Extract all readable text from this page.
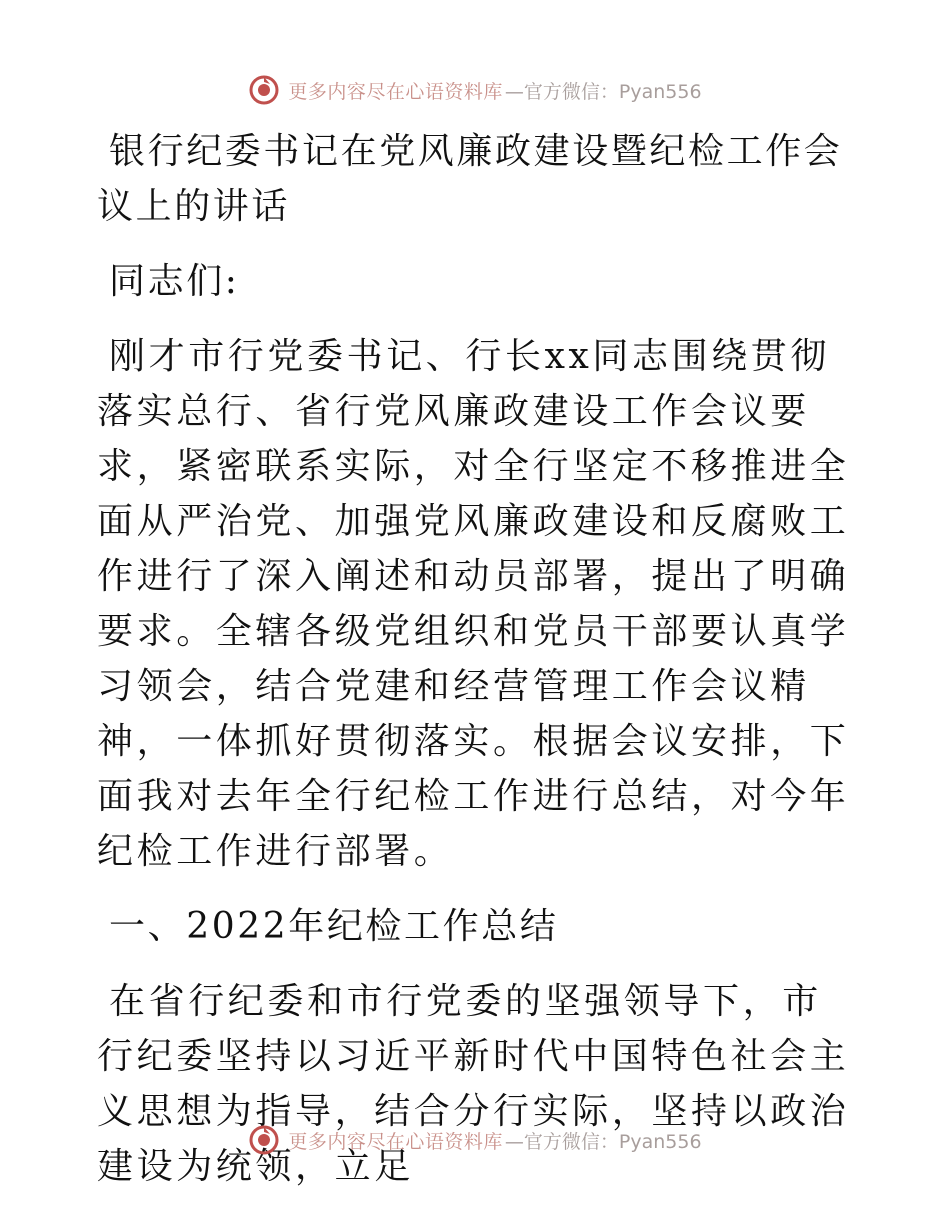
更多内容尽在心语资料库 —官方微信：Pyan556

银行纪委书记在党风廉政建设暨纪检工作会议上的讲话

同志们:

刚才市行党委书记、行长xx同志围绕贯彻落实总行、省行党风廉政建设工作会议要求，紧密联系实际，对全行坚定不移推进全面从严治党、加强党风廉政建设和反腐败工作进行了深入阐述和动员部署，提出了明确要求。全辖各级党组织和党员干部要认真学习领会，结合党建和经营管理工作会议精神，一体抓好贯彻落实。根据会议安排，下面我对去年全行纪检工作进行总结，对今年纪检工作进行部署。

一、2022年纪检工作总结

在省行纪委和市行党委的坚强领导下，市行纪委坚持以习近平新时代中国特色社会主义思想为指导，结合分行实际，坚持以政治建设为统领，立足

更多内容尽在心语资料库 —官方微信：Pyan556
